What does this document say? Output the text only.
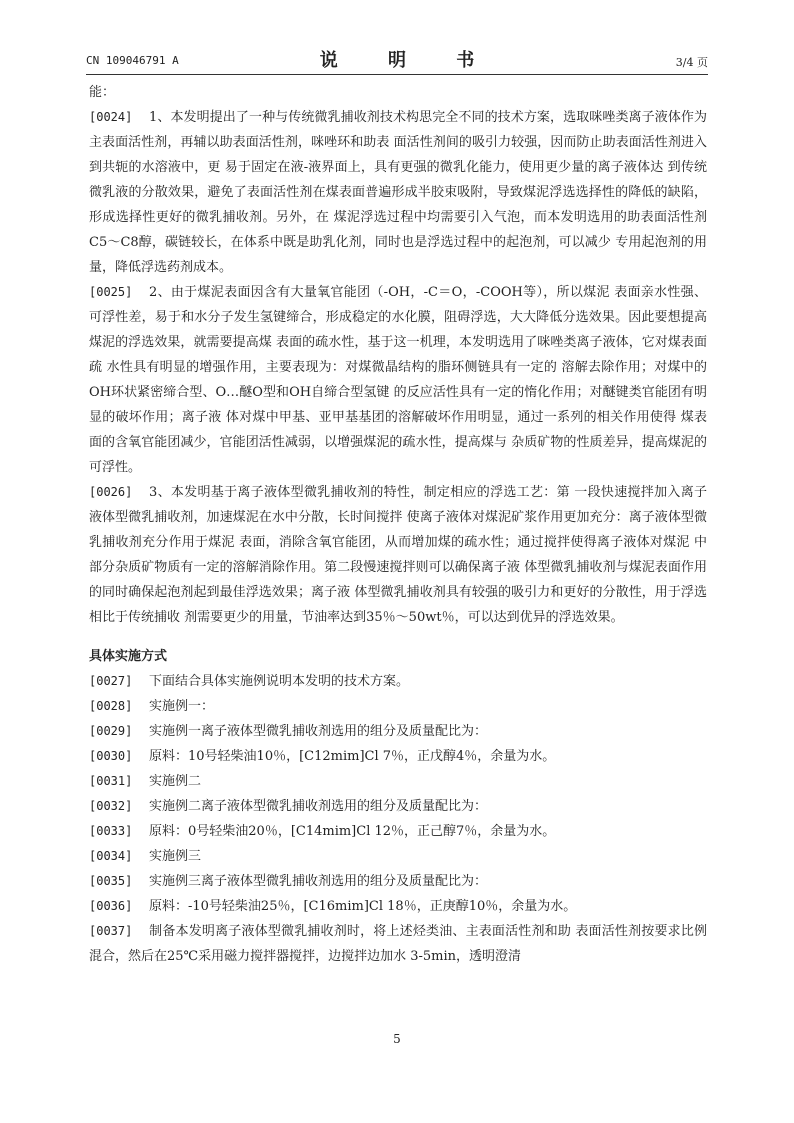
CN 109046791 A	说 明 书	3/4 页

能：

[0024] 1、本发明提出了一种与传统微乳捕收剂技术构思完全不同的技术方案，选取咪唑类离子液体作为主表面活性剂，再辅以助表面活性剂，咪唑环和助表 面活性剂间的吸引力较强，因而防止助表面活性剂进入到共轭的水溶液中，更 易于固定在液-液界面上，具有更强的微乳化能力，使用更少量的离子液体达 到传统微乳液的分散效果，避免了表面活性剂在煤表面普遍形成半胶束吸附，导致煤泥浮选选择性的降低的缺陷，形成选择性更好的微乳捕收剂。另外，在 煤泥浮选过程中均需要引入气泡，而本发明选用的助表面活性剂C5～C8醇，碳链较长，在体系中既是助乳化剂，同时也是浮选过程中的起泡剂，可以减少 专用起泡剂的用量，降低浮选药剂成本。

[0025] 2、由于煤泥表面因含有大量氧官能团（-OH，-C＝O，-COOH等），所以煤泥 表面亲水性强、可浮性差，易于和水分子发生氢键缔合，形成稳定的水化膜，阻碍浮选，大大降低分选效果。因此要想提高煤泥的浮选效果，就需要提高煤 表面的疏水性，基于这一机理，本发明选用了咪唑类离子液体，它对煤表面疏 水性具有明显的增强作用，主要表现为：对煤微晶结构的脂环侧链具有一定的 溶解去除作用；对煤中的OH环状紧密缔合型、O…醚O型和OH自缔合型氢键 的反应活性具有一定的惰化作用；对醚键类官能团有明显的破坏作用；离子液 体对煤中甲基、亚甲基基团的溶解破坏作用明显，通过一系列的相关作用使得 煤表面的含氧官能团减少，官能团活性减弱，以增强煤泥的疏水性，提高煤与 杂质矿物的性质差异，提高煤泥的可浮性。

[0026] 3、本发明基于离子液体型微乳捕收剂的特性，制定相应的浮选工艺：第 一段快速搅拌加入离子液体型微乳捕收剂，加速煤泥在水中分散，长时间搅拌 使离子液体对煤泥矿浆作用更加充分：离子液体型微乳捕收剂充分作用于煤泥 表面，消除含氧官能团，从而增加煤的疏水性；通过搅拌使得离子液体对煤泥 中部分杂质矿物质有一定的溶解消除作用。第二段慢速搅拌则可以确保离子液 体型微乳捕收剂与煤泥表面作用的同时确保起泡剂起到最佳浮选效果；离子液 体型微乳捕收剂具有较强的吸引力和更好的分散性，用于浮选相比于传统捕收 剂需要更少的用量，节油率达到35％～50wt％，可以达到优异的浮选效果。

具体实施方式

[0027] 下面结合具体实施例说明本发明的技术方案。

[0028] 实施例一：

[0029] 实施例一离子液体型微乳捕收剂选用的组分及质量配比为：

[0030] 原料：10号轻柴油10％，[C12mim]Cl 7％，正戊醇4％，余量为水。

[0031] 实施例二

[0032] 实施例二离子液体型微乳捕收剂选用的组分及质量配比为：

[0033] 原料：0号轻柴油20％，[C14mim]Cl 12％，正己醇7％，余量为水。

[0034] 实施例三

[0035] 实施例三离子液体型微乳捕收剂选用的组分及质量配比为：

[0036] 原料：-10号轻柴油25％，[C16mim]Cl 18％，正庚醇10％，余量为水。

[0037] 制备本发明离子液体型微乳捕收剂时，将上述烃类油、主表面活性剂和助 表面活性剂按要求比例混合，然后在25℃采用磁力搅拌器搅拌，边搅拌边加水 3-5min，透明澄清

5
